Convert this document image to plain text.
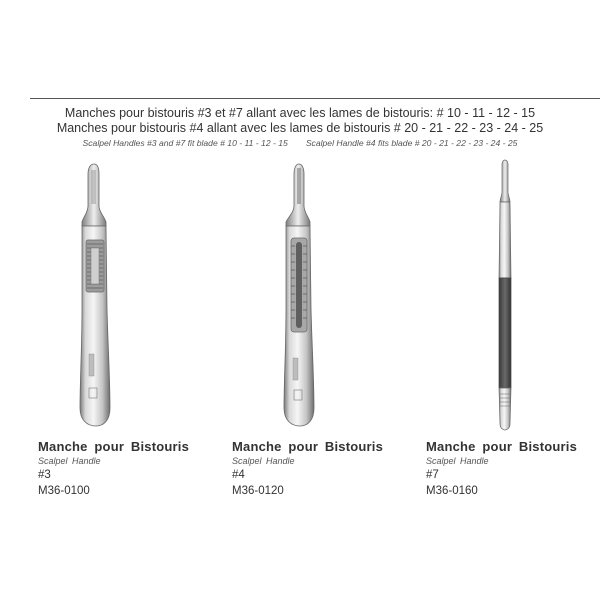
Manches pour bistouris #3 et #7 allant avec les lames de bistouris: # 10 - 11 - 12 - 15
Manches pour bistouris #4 allant avec les lames de bistouris # 20 - 21 - 22 - 23 - 24 - 25
Scalpel Handles #3 and #7 fit blade # 10 - 11 - 12 - 15 Scalpel Handle #4 fits blade # 20 - 21 - 22 - 23 - 24 - 25
Manche pour Bistouris
Scalpel Handle
#3
M36-0100
Manche pour Bistouris
Scalpel Handle
#4
M36-0120
Manche pour Bistouris
Scalpel Handle
#7
M36-0160
